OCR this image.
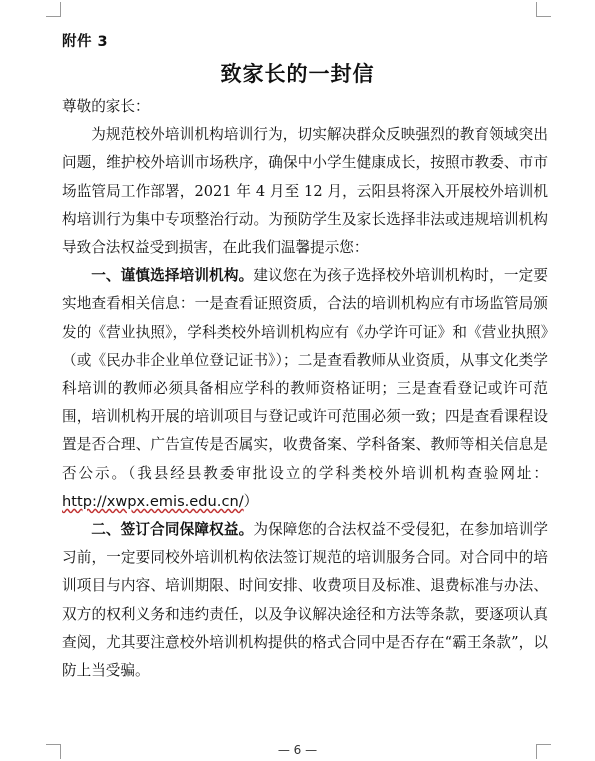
附件 3
致家长的一封信

尊敬的家长：

为规范校外培训机构培训行为，切实解决群众反映强烈的教育领域突出问题，维护校外培训市场秩序，确保中小学生健康成长，按照市教委、市市场监管局工作部署，2021 年 4 月至 12 月，云阳县将深入开展校外培训机构培训行为集中专项整治行动。为预防学生及家长选择非法或违规培训机构导致合法权益受到损害，在此我们温馨提示您：

一、谨慎选择培训机构。建议您在为孩子选择校外培训机构时，一定要实地查看相关信息：一是查看证照资质，合法的培训机构应有市场监管局颁发的《营业执照》，学科类校外培训机构应有《办学许可证》和《营业执照》（或《民办非企业单位登记证书》）；二是查看教师从业资质，从事文化类学科培训的教师必须具备相应学科的教师资格证明；三是查看登记或许可范围，培训机构开展的培训项目与登记或许可范围必须一致；四是查看课程设置是否合理、广告宣传是否属实，收费备案、学科备案、教师等相关信息是否公示。（我县经县教委审批设立的学科类校外培训机构查验网址：http://xwpx.emis.edu.cn/）

二、签订合同保障权益。为保障您的合法权益不受侵犯，在参加培训学习前，一定要同校外培训机构依法签订规范的培训服务合同。对合同中的培训项目与内容、培训期限、时间安排、收费项目及标准、退费标准与办法、双方的权利义务和违约责任，以及争议解决途径和方法等条款，要逐项认真查阅，尤其要注意校外培训机构提供的格式合同中是否存在“霸王条款”，以防上当受骗。

— 6 —
